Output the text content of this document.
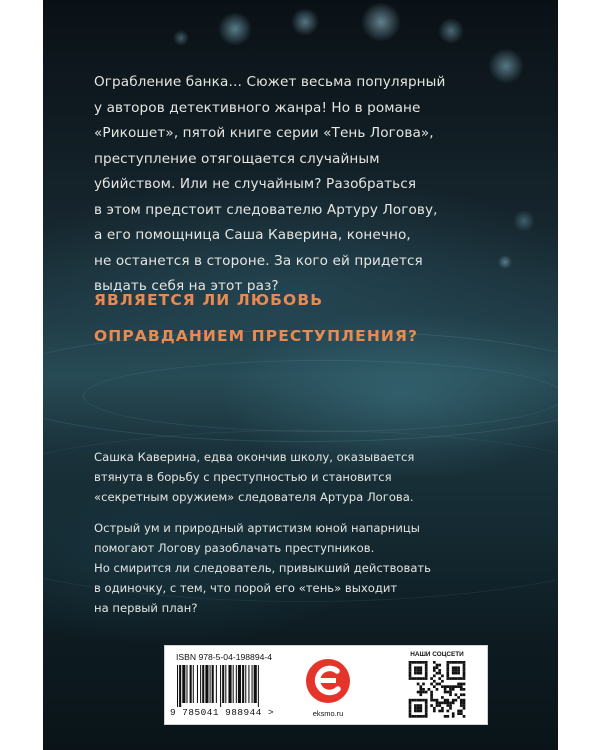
Ограбление банка… Сюжет весьма популярный
у авторов детективного жанра! Но в романе
«Рикошет», пятой книге серии «Тень Логова»,
преступление отягощается случайным
убийством. Или не случайным? Разобраться
в этом предстоит следователю Артуру Логову,
а его помощница Саша Каверина, конечно,
не останется в стороне. За кого ей придется
выдать себя на этот раз?
ЯВЛЯЕТСЯ ЛИ ЛЮБОВЬ
ОПРАВДАНИЕМ ПРЕСТУПЛЕНИЯ?
Сашка Каверина, едва окончив школу, оказывается
втянута в борьбу с преступностью и становится
«секретным оружием» следователя Артура Логова.
Острый ум и природный артистизм юной напарницы
помогают Логову разоблачать преступников.
Но смирится ли следователь, привыкший действовать
в одиночку, с тем, что порой его «тень» выходит
на первый план?
ISBN 978-5-04-198894-4
9 785041 988944 >	eksmo.ru
НАШИ СОЦСЕТИ
